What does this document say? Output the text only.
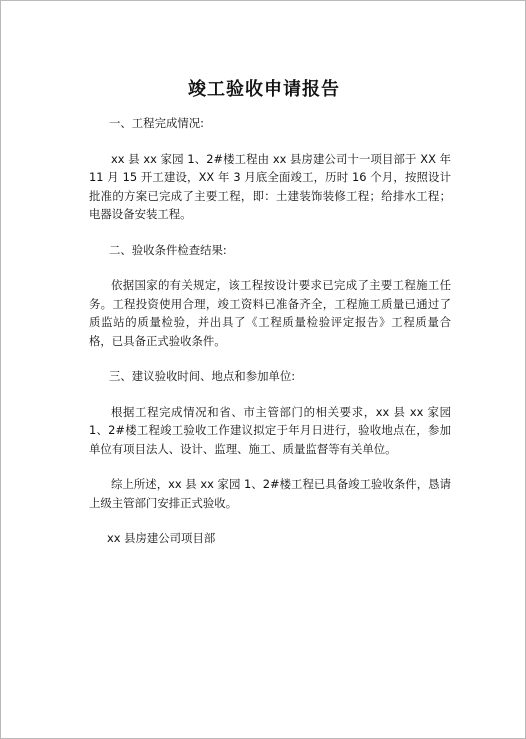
竣工验收申请报告

一、工程完成情况:

xx 县 xx 家园 1、2#楼工程由 xx 县房建公司十一项目部于 XX 年 11 月 15 开工建设，XX 年 3 月底全面竣工，历时 16 个月，按照设计批准的方案已完成了主要工程，即：土建装饰装修工程；给排水工程；电器设备安装工程。

二、验收条件检查结果:

依据国家的有关规定，该工程按设计要求已完成了主要工程施工任务。工程投资使用合理，竣工资料已准备齐全，工程施工质量已通过了质监站的质量检验，并出具了《工程质量检验评定报告》工程质量合格，已具备正式验收条件。

三、建议验收时间、地点和参加单位:

根据工程完成情况和省、市主管部门的相关要求，xx 县 xx 家园 1、2#楼工程竣工验收工作建议拟定于年月日进行，验收地点在，参加单位有项目法人、设计、监理、施工、质量监督等有关单位。

综上所述，xx 县 xx 家园 1、2#楼工程已具备竣工验收条件，恳请上级主管部门安排正式验收。

xx 县房建公司项目部
